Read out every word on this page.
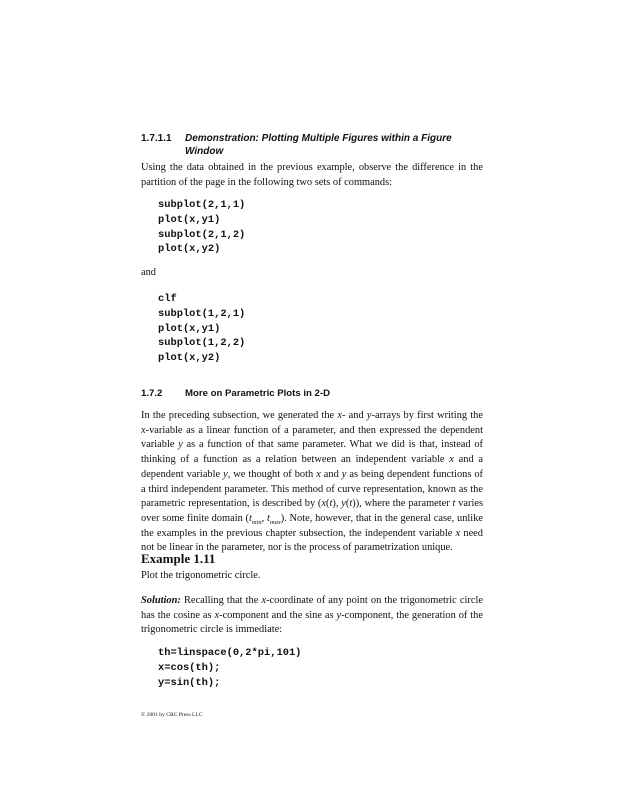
1.7.1.1	Demonstration: Plotting Multiple Figures within a Figure Window

Using the data obtained in the previous example, observe the difference in the partition of the page in the following two sets of commands:

subplot(2,1,1)
plot(x,y1)
subplot(2,1,2)
plot(x,y2)

and

clf
subplot(1,2,1)
plot(x,y1)
subplot(1,2,2)
plot(x,y2)
1.7.2	More on Parametric Plots in 2-D

In the preceding subsection, we generated the x- and y-arrays by first writing the x-variable as a linear function of a parameter, and then expressed the dependent variable y as a function of that same parameter. What we did is that, instead of thinking of a function as a relation between an independent variable x and a dependent variable y, we thought of both x and y as being dependent functions of a third independent parameter. This method of curve representation, known as the parametric representation, is described by (x(t), y(t)), where the parameter t varies over some finite domain ($t_{min}$, $t_{max}$). Note, however, that in the general case, unlike the examples in the previous chapter subsection, the independent variable x need not be linear in the parameter, nor is the process of parametrization unique.

Example 1.11

Plot the trigonometric circle.

Solution: Recalling that the x-coordinate of any point on the trigonometric circle has the cosine as x-component and the sine as y-component, the generation of the trigonometric circle is immediate:

th=linspace(0,2*pi,101)
x=cos(th);
y=sin(th);
© 2001 by CRC Press LLC
